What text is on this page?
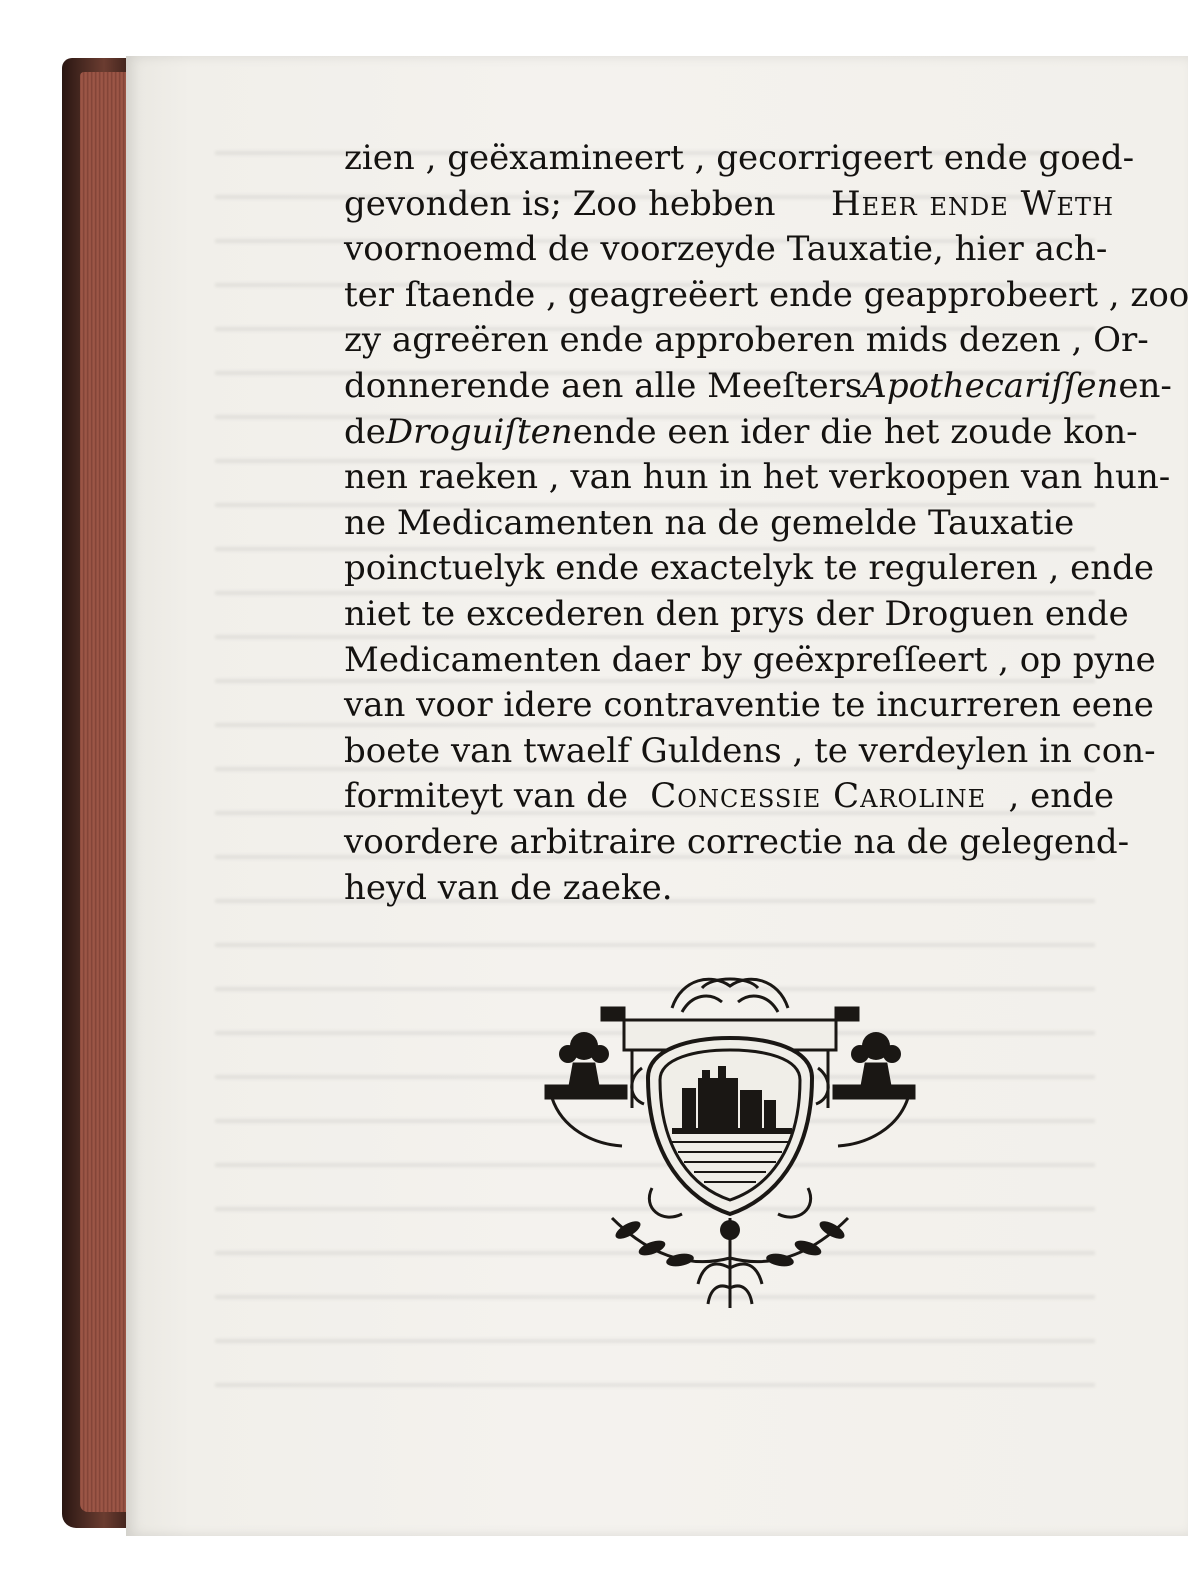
zien , geëxamineert , gecorrigeert ende goed-
gevonden is; Zoo hebben Heer ende Weth
voornoemd de voorzeyde Tauxatie, hier ach-
ter ſtaende , geagreëert ende geapprobeert , zoo
zy agreëren ende approberen mids dezen , Or-
donnerende aen alle Meeſters Apothecariſſen en-
de Droguiſten ende een ider die het zoude kon-
nen raeken , van hun in het verkoopen van hun-
ne Medicamenten na de gemelde Tauxatie
poinctuelyk ende exactelyk te reguleren , ende
niet te excederen den prys der Droguen ende
Medicamenten daer by geëxpreſſeert , op pyne
van voor idere contraventie te incurreren eene
boete van twaelf Guldens , te verdeylen in con-
formiteyt van de Concessie Caroline , ende
voordere arbitraire correctie na de gelegend-
heyd van de zaeke.
